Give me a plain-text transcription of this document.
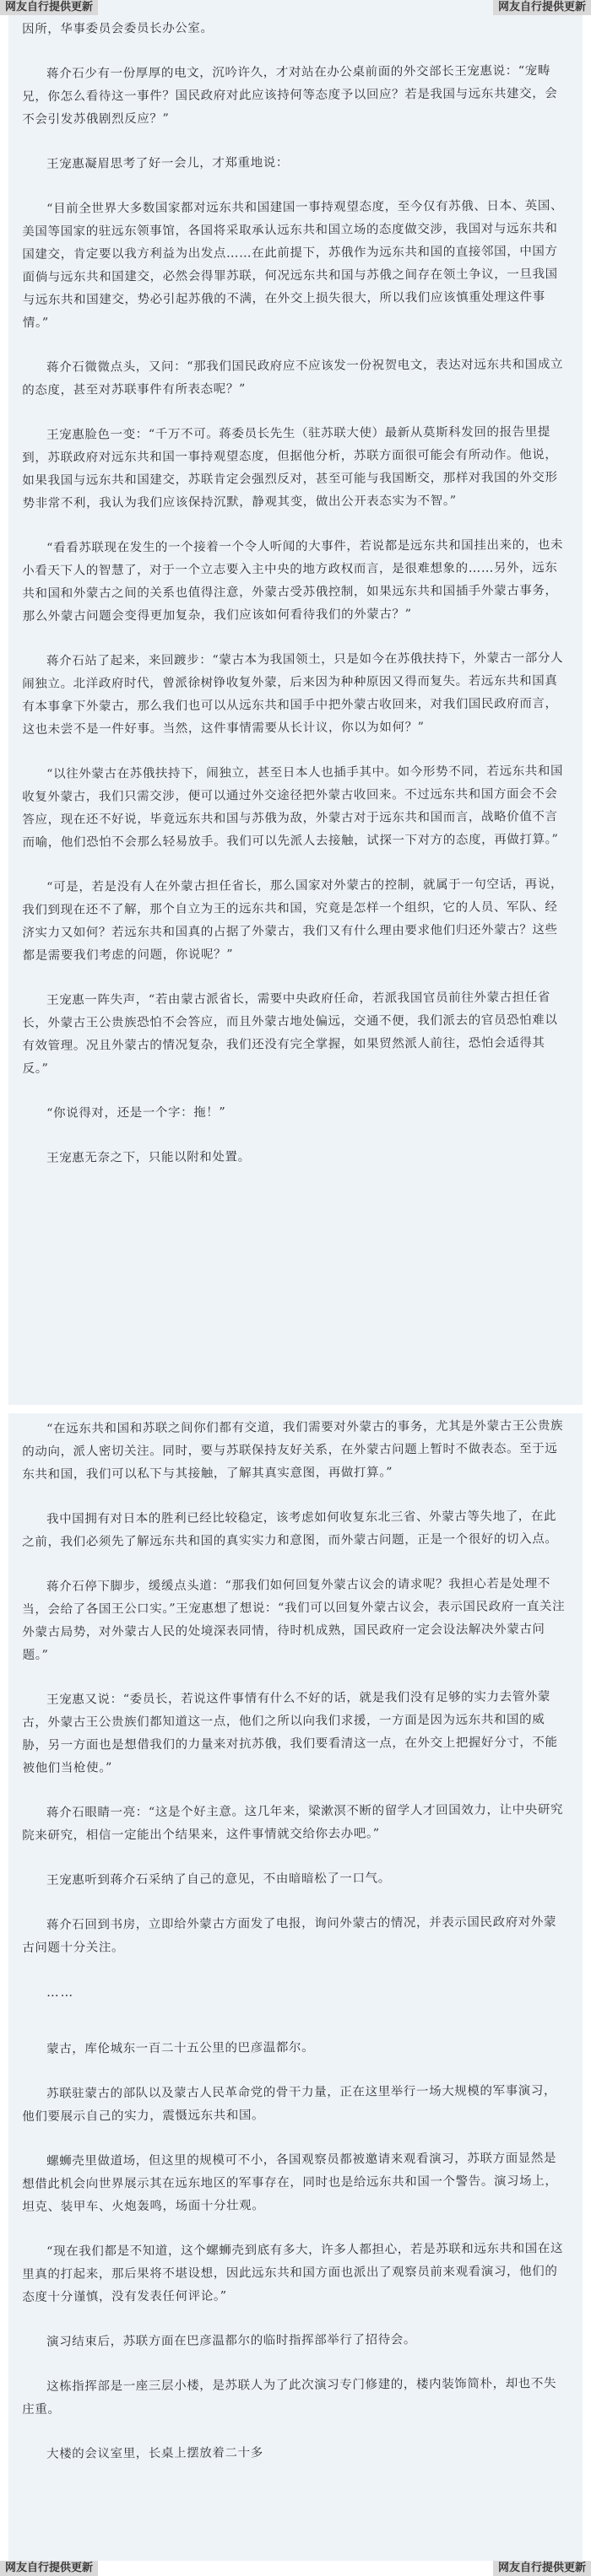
因所，华事委员会委员长办公室。

蒋介石少有一份厚厚的电文，沉吟许久，才对站在办公桌前面的外交部长王宠惠说：“宠畴兄，你怎么看待这一事件？国民政府对此应该持何等态度予以回应？若是我国与远东共建交，会不会引发苏俄剧烈反应？”

王宠惠凝眉思考了好一会儿，才郑重地说：

“目前全世界大多数国家都对远东共和国建国一事持观望态度，至今仅有苏俄、日本、英国、美国等国家的驻远东领事馆，各国将采取承认远东共和国立场的态度做交涉，我国对与远东共和国建交，肯定要以我方利益为出发点……在此前提下，苏俄作为远东共和国的直接邻国，中国方面倘与远东共和国建交，必然会得罪苏联，何况远东共和国与苏俄之间存在领土争议，一旦我国与远东共和国建交，势必引起苏俄的不满，在外交上损失很大，所以我们应该慎重处理这件事情。”

蒋介石微微点头，又问：“那我们国民政府应不应该发一份祝贺电文，表达对远东共和国成立的态度，甚至对苏联事件有所表态呢？”

王宠惠脸色一变：“千万不可。蒋委员长先生（驻苏联大使）最新从莫斯科发回的报告里提到，苏联政府对远东共和国一事持观望态度，但据他分析，苏联方面很可能会有所动作。他说，如果我国与远东共和国建交，苏联肯定会强烈反对，甚至可能与我国断交，那样对我国的外交形势非常不利，我认为我们应该保持沉默，静观其变，做出公开表态实为不智。”

“看看苏联现在发生的一个接着一个令人听闻的大事件，若说都是远东共和国挂出来的，也未小看天下人的智慧了，对于一个立志要入主中央的地方政权而言，是很难想象的……另外，远东共和国和外蒙古之间的关系也值得注意，外蒙古受苏俄控制，如果远东共和国插手外蒙古事务，那么外蒙古问题会变得更加复杂，我们应该如何看待我们的外蒙古？”

蒋介石站了起来，来回踱步：“蒙古本为我国领土，只是如今在苏俄扶持下，外蒙古一部分人闹独立。北洋政府时代，曾派徐树铮收复外蒙，后来因为种种原因又得而复失。若远东共和国真有本事拿下外蒙古，那么我们也可以从远东共和国手中把外蒙古收回来，对我们国民政府而言，这也未尝不是一件好事。当然，这件事情需要从长计议，你以为如何？”

“以往外蒙古在苏俄扶持下，闹独立，甚至日本人也插手其中。如今形势不同，若远东共和国收复外蒙古，我们只需交涉，便可以通过外交途径把外蒙古收回来。不过远东共和国方面会不会答应，现在还不好说，毕竟远东共和国与苏俄为敌，外蒙古对于远东共和国而言，战略价值不言而喻，他们恐怕不会那么轻易放手。我们可以先派人去接触，试探一下对方的态度，再做打算。”

“可是，若是没有人在外蒙古担任省长，那么国家对外蒙古的控制，就属于一句空话，再说，我们到现在还不了解，那个自立为王的远东共和国，究竟是怎样一个组织，它的人员、军队、经济实力又如何？若远东共和国真的占据了外蒙古，我们又有什么理由要求他们归还外蒙古？这些都是需要我们考虑的问题，你说呢？”

王宠惠一阵失声，“若由蒙古派省长，需要中央政府任命，若派我国官员前往外蒙古担任省长，外蒙古王公贵族恐怕不会答应，而且外蒙古地处偏远，交通不便，我们派去的官员恐怕难以有效管理。况且外蒙古的情况复杂，我们还没有完全掌握，如果贸然派人前往，恐怕会适得其反。”

“你说得对，还是一个字：拖！”

王宠惠无奈之下，只能以附和处置。

“在远东共和国和苏联之间你们都有交道，我们需要对外蒙古的事务，尤其是外蒙古王公贵族的动向，派人密切关注。同时，要与苏联保持友好关系，在外蒙古问题上暂时不做表态。至于远东共和国，我们可以私下与其接触，了解其真实意图，再做打算。”

我中国拥有对日本的胜利已经比较稳定，该考虑如何收复东北三省、外蒙古等失地了，在此之前，我们必须先了解远东共和国的真实实力和意图，而外蒙古问题，正是一个很好的切入点。

蒋介石停下脚步，缓缓点头道：“那我们如何回复外蒙古议会的请求呢？我担心若是处理不当，会给了各国王公口实。”王宠惠想了想说：“我们可以回复外蒙古议会，表示国民政府一直关注外蒙古局势，对外蒙古人民的处境深表同情，待时机成熟，国民政府一定会设法解决外蒙古问题。”

王宠惠又说：“委员长，若说这件事情有什么不好的话，就是我们没有足够的实力去管外蒙古，外蒙古王公贵族们都知道这一点，他们之所以向我们求援，一方面是因为远东共和国的威胁，另一方面也是想借我们的力量来对抗苏俄，我们要看清这一点，在外交上把握好分寸，不能被他们当枪使。”

蒋介石眼睛一亮：“这是个好主意。这几年来，梁漱溟不断的留学人才回国效力，让中央研究院来研究，相信一定能出个结果来，这件事情就交给你去办吧。”

王宠惠听到蒋介石采纳了自己的意见，不由暗暗松了一口气。

蒋介石回到书房，立即给外蒙古方面发了电报，询问外蒙古的情况，并表示国民政府对外蒙古问题十分关注。

……

蒙古，库伦城东一百二十五公里的巴彦温都尔。

苏联驻蒙古的部队以及蒙古人民革命党的骨干力量，正在这里举行一场大规模的军事演习，他们要展示自己的实力，震慑远东共和国。

螺蛳壳里做道场，但这里的规模可不小，各国观察员都被邀请来观看演习，苏联方面显然是想借此机会向世界展示其在远东地区的军事存在，同时也是给远东共和国一个警告。演习场上，坦克、装甲车、火炮轰鸣，场面十分壮观。

“现在我们都是不知道，这个螺蛳壳到底有多大，许多人都担心，若是苏联和远东共和国在这里真的打起来，那后果将不堪设想，因此远东共和国方面也派出了观察员前来观看演习，他们的态度十分谨慎，没有发表任何评论。”

演习结束后，苏联方面在巴彦温都尔的临时指挥部举行了招待会。

这栋指挥部是一座三层小楼，是苏联人为了此次演习专门修建的，楼内装饰简朴，却也不失庄重。

大楼的会议室里，长桌上摆放着二十多

网友自行提供更新	网友自行提供更新
网友自行提供更新	网友自行提供更新
